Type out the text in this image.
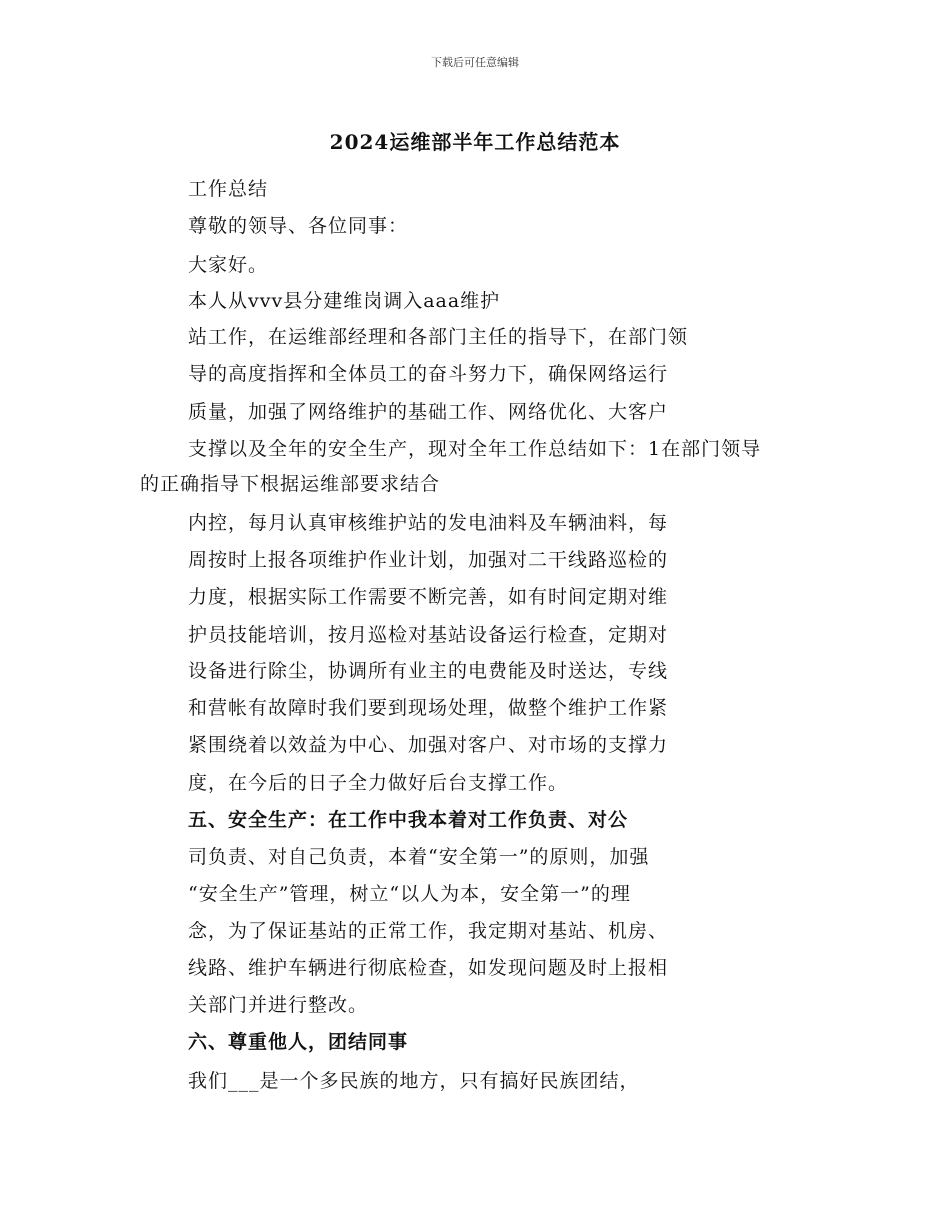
下载后可任意编辑
2024运维部半年工作总结范本
工作总结
尊敬的领导、各位同事：
大家好。
本人从vvv县分建维岗调入aaa维护
站工作，在运维部经理和各部门主任的指导下，在部门领
导的高度指挥和全体员工的奋斗努力下，确保网络运行
质量，加强了网络维护的基础工作、网络优化、大客户
支撑以及全年的安全生产，现对全年工作总结如下：1在部门领导
的正确指导下根据运维部要求结合
内控，每月认真审核维护站的发电油料及车辆油料，每
周按时上报各项维护作业计划，加强对二干线路巡检的
力度，根据实际工作需要不断完善，如有时间定期对维
护员技能培训，按月巡检对基站设备运行检查，定期对
设备进行除尘，协调所有业主的电费能及时送达，专线
和营帐有故障时我们要到现场处理，做整个维护工作紧
紧围绕着以效益为中心、加强对客户、对市场的支撑力
度，在今后的日子全力做好后台支撑工作。
五、安全生产：在工作中我本着对工作负责、对公
司负责、对自己负责，本着“安全第一”的原则，加强
“安全生产”管理，树立“以人为本，安全第一”的理
念，为了保证基站的正常工作，我定期对基站、机房、
线路、维护车辆进行彻底检查，如发现问题及时上报相
关部门并进行整改。
六、尊重他人，团结同事
我们___是一个多民族的地方，只有搞好民族团结，
